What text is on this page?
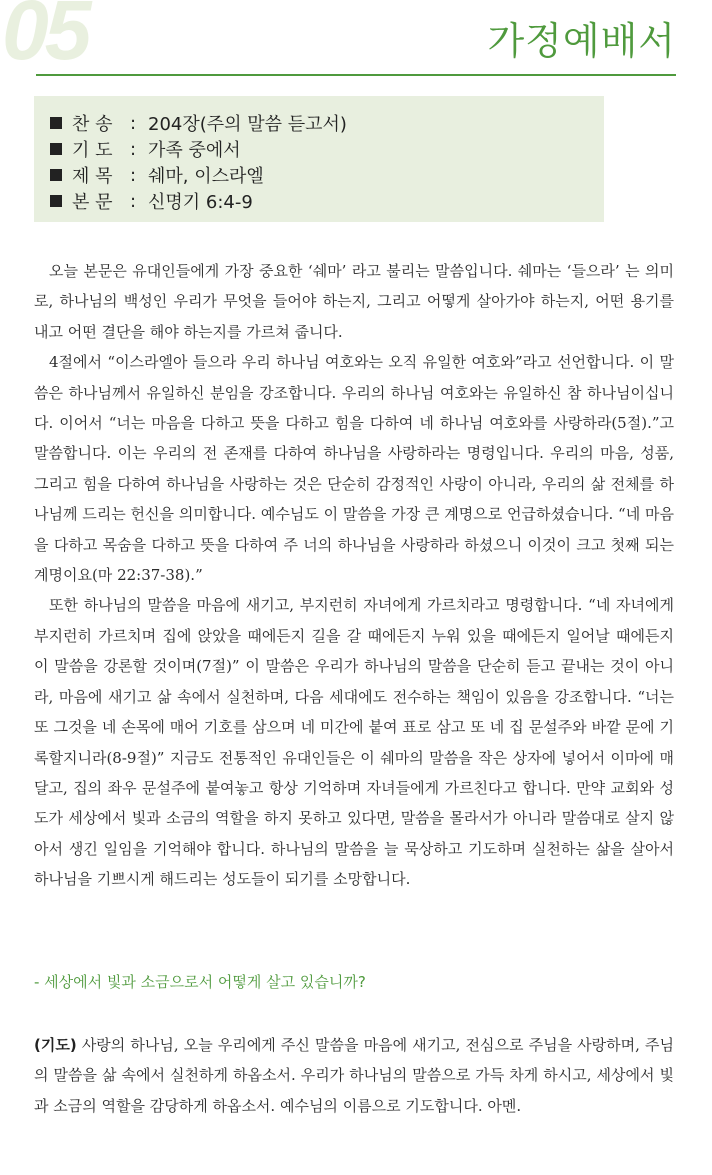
05	가정예배서
찬 송 : 204장(주의 말씀 듣고서)
기 도 : 가족 중에서
제 목 : 쉐마, 이스라엘
본 문 : 신명기 6:4-9

오늘 본문은 유대인들에게 가장 중요한 ‘쉐마’ 라고 불리는 말씀입니다. 쉐마는 ‘들으라’ 는 의미로, 하나님의 백성인 우리가 무엇을 들어야 하는지, 그리고 어떻게 살아가야 하는지, 어떤 용기를 내고 어떤 결단을 해야 하는지를 가르쳐 줍니다.

4절에서 “이스라엘아 들으라 우리 하나님 여호와는 오직 유일한 여호와”라고 선언합니다. 이 말씀은 하나님께서 유일하신 분임을 강조합니다. 우리의 하나님 여호와는 유일하신 참 하나님이십니다. 이어서 “너는 마음을 다하고 뜻을 다하고 힘을 다하여 네 하나님 여호와를 사랑하라(5절).”고 말씀합니다. 이는 우리의 전 존재를 다하여 하나님을 사랑하라는 명령입니다. 우리의 마음, 성품, 그리고 힘을 다하여 하나님을 사랑하는 것은 단순히 감정적인 사랑이 아니라, 우리의 삶 전체를 하나님께 드리는 헌신을 의미합니다. 예수님도 이 말씀을 가장 큰 계명으로 언급하셨습니다. “네 마음을 다하고 목숨을 다하고 뜻을 다하여 주 너의 하나님을 사랑하라 하셨으니 이것이 크고 첫째 되는 계명이요(마 22:37-38).”

또한 하나님의 말씀을 마음에 새기고, 부지런히 자녀에게 가르치라고 명령합니다. “네 자녀에게 부지런히 가르치며 집에 앉았을 때에든지 길을 갈 때에든지 누워 있을 때에든지 일어날 때에든지 이 말씀을 강론할 것이며(7절)” 이 말씀은 우리가 하나님의 말씀을 단순히 듣고 끝내는 것이 아니라, 마음에 새기고 삶 속에서 실천하며, 다음 세대에도 전수하는 책임이 있음을 강조합니다. “너는 또 그것을 네 손목에 매어 기호를 삼으며 네 미간에 붙여 표로 삼고 또 네 집 문설주와 바깥 문에 기록할지니라(8-9절)” 지금도 전통적인 유대인들은 이 쉐마의 말씀을 작은 상자에 넣어서 이마에 매달고, 집의 좌우 문설주에 붙여놓고 항상 기억하며 자녀들에게 가르친다고 합니다. 만약 교회와 성도가 세상에서 빛과 소금의 역할을 하지 못하고 있다면, 말씀을 몰라서가 아니라 말씀대로 살지 않아서 생긴 일임을 기억해야 합니다. 하나님의 말씀을 늘 묵상하고 기도하며 실천하는 삶을 살아서 하나님을 기쁘시게 해드리는 성도들이 되기를 소망합니다.

- 세상에서 빛과 소금으로서 어떻게 살고 있습니까?
(기도) 사랑의 하나님, 오늘 우리에게 주신 말씀을 마음에 새기고, 전심으로 주님을 사랑하며, 주님의 말씀을 삶 속에서 실천하게 하옵소서. 우리가 하나님의 말씀으로 가득 차게 하시고, 세상에서 빛과 소금의 역할을 감당하게 하옵소서. 예수님의 이름으로 기도합니다. 아멘.
